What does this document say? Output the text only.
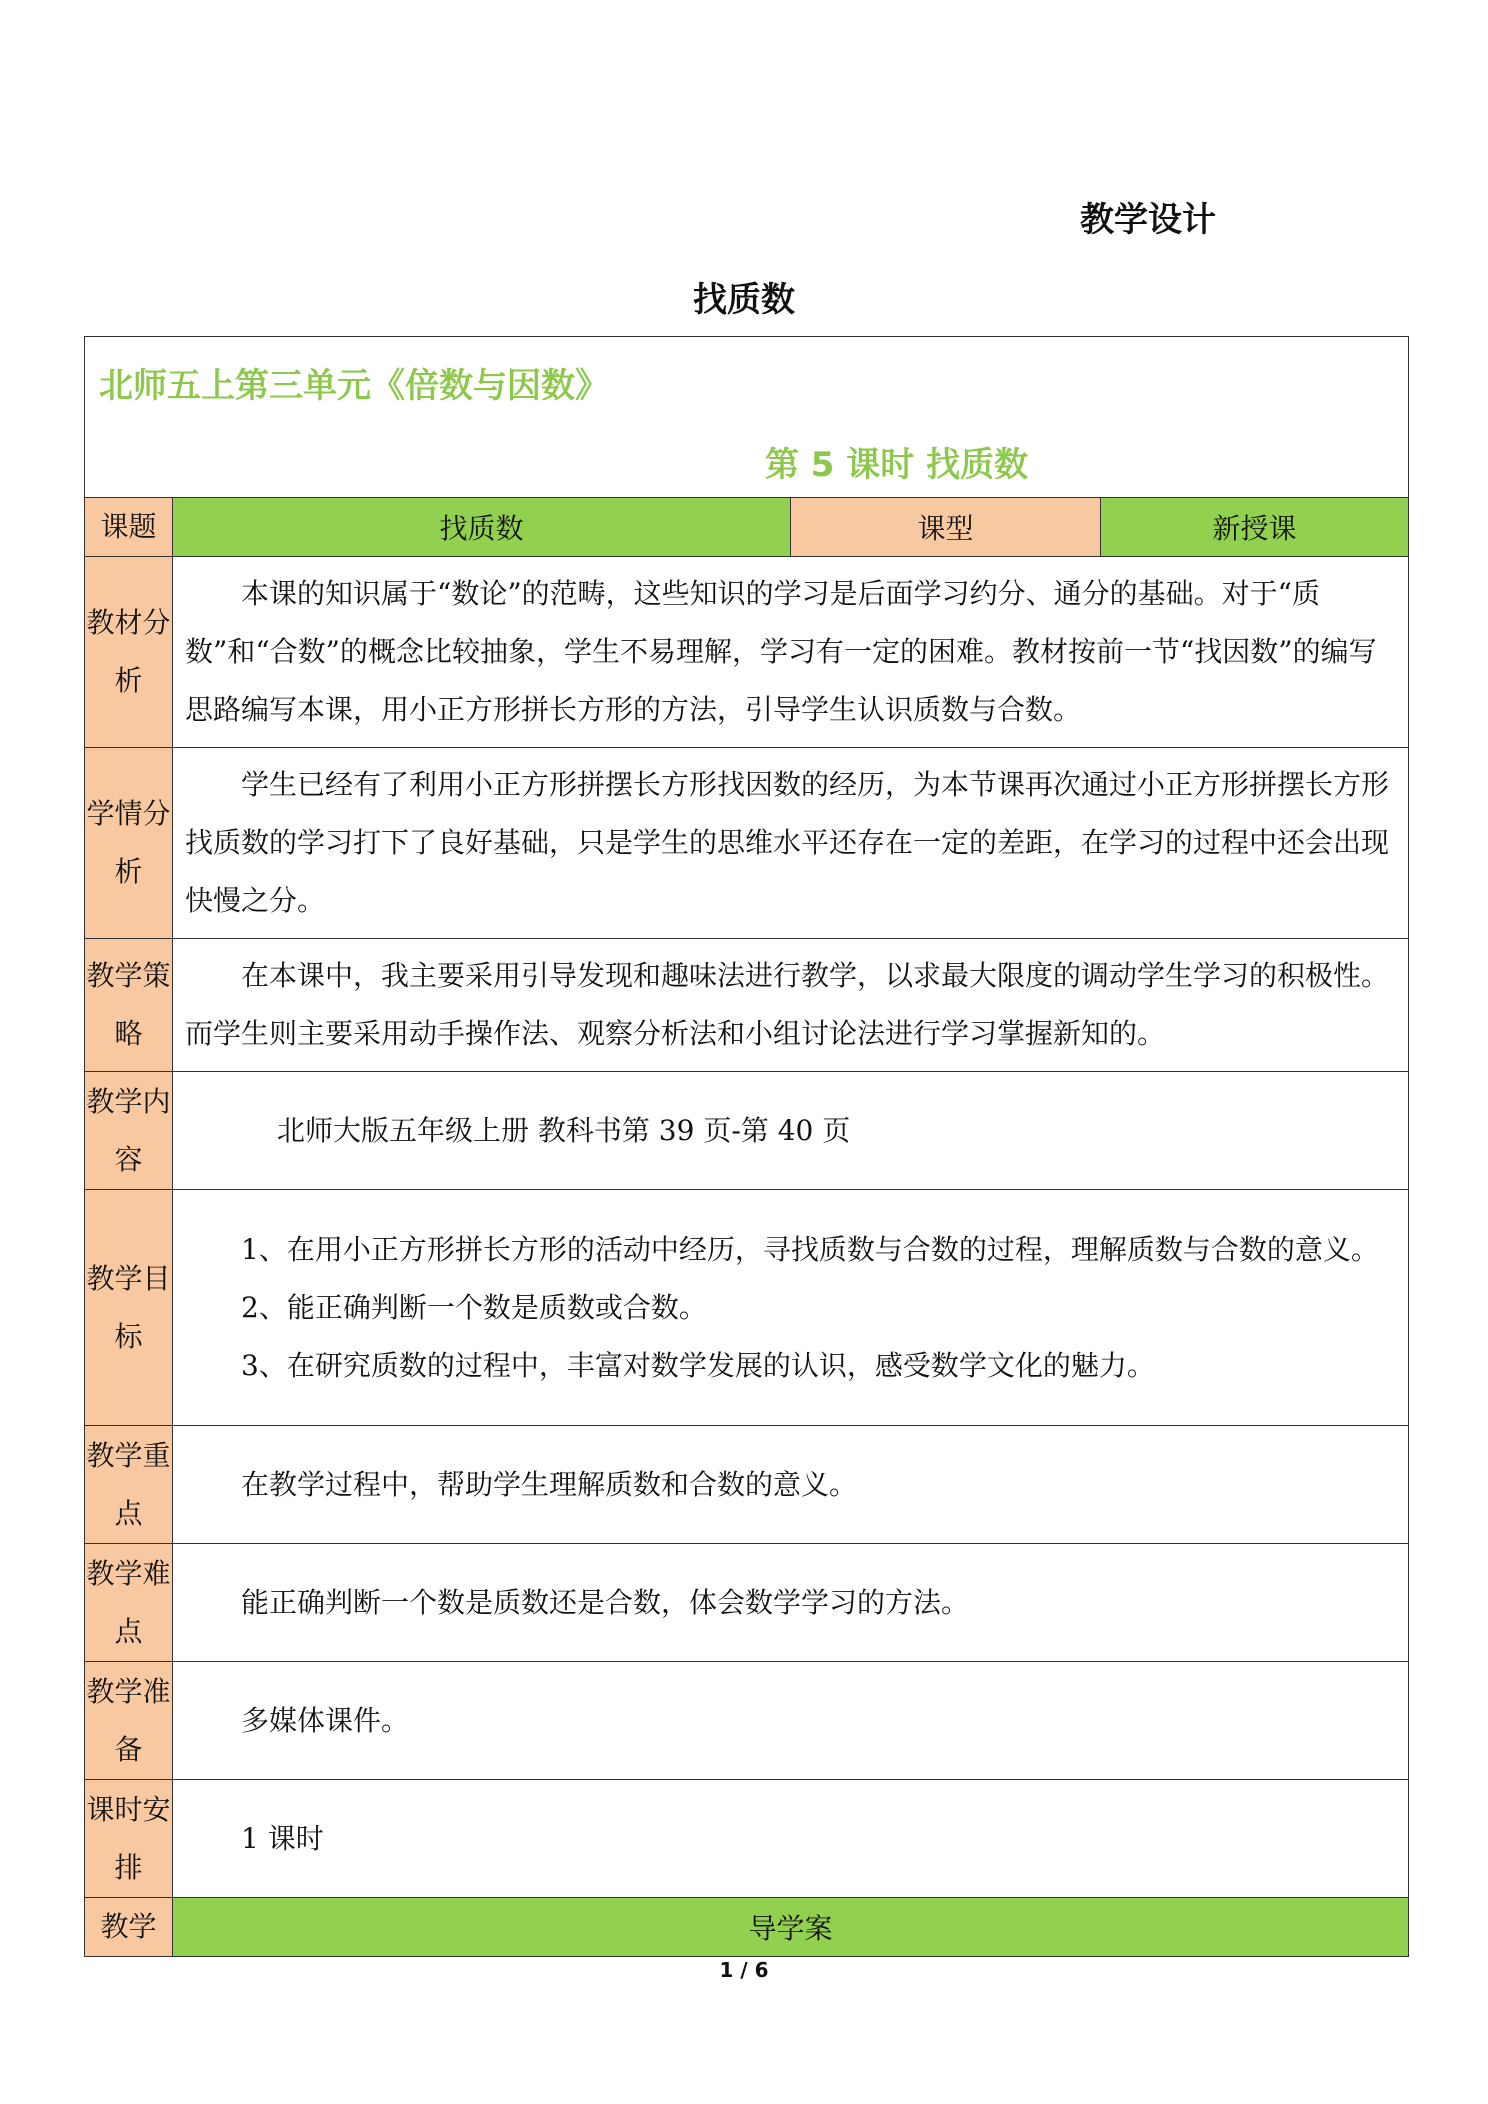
教学设计
找质数
北师五上第三单元《倍数与因数》
第 5 课时 找质数			

课题	找质数	课型	新授课
教材分析	本课的知识属于“数论”的范畴，这些知识的学习是后面学习约分、通分的基础。对于“质数”和“合数”的概念比较抽象，学生不易理解，学习有一定的困难。教材按前一节“找因数”的编写思路编写本课，用小正方形拼长方形的方法，引导学生认识质数与合数。		

学情分析	学生已经有了利用小正方形拼摆长方形找因数的经历，为本节课再次通过小正方形拼摆长方形找质数的学习打下了良好基础，只是学生的思维水平还存在一定的差距，在学习的过程中还会出现快慢之分。		

教学策略	在本课中，我主要采用引导发现和趣味法进行教学，以求最大限度的调动学生学习的积极性。而学生则主要采用动手操作法、观察分析法和小组讨论法进行学习掌握新知的。		

教学内容	北师大版五年级上册 教科书第 39 页-第 40 页		

教学目标	1、在用小正方形拼长方形的活动中经历，寻找质数与合数的过程，理解质数与合数的意义。

2、能正确判断一个数是质数或合数。

3、在研究质数的过程中，丰富对数学发展的认识，感受数学文化的魅力。		

教学重点	在教学过程中，帮助学生理解质数和合数的意义。		

教学难点	能正确判断一个数是质数还是合数，体会数学学习的方法。		

教学准备	多媒体课件。		

课时安排	1 课时		

教学	导学案		
1 / 6
